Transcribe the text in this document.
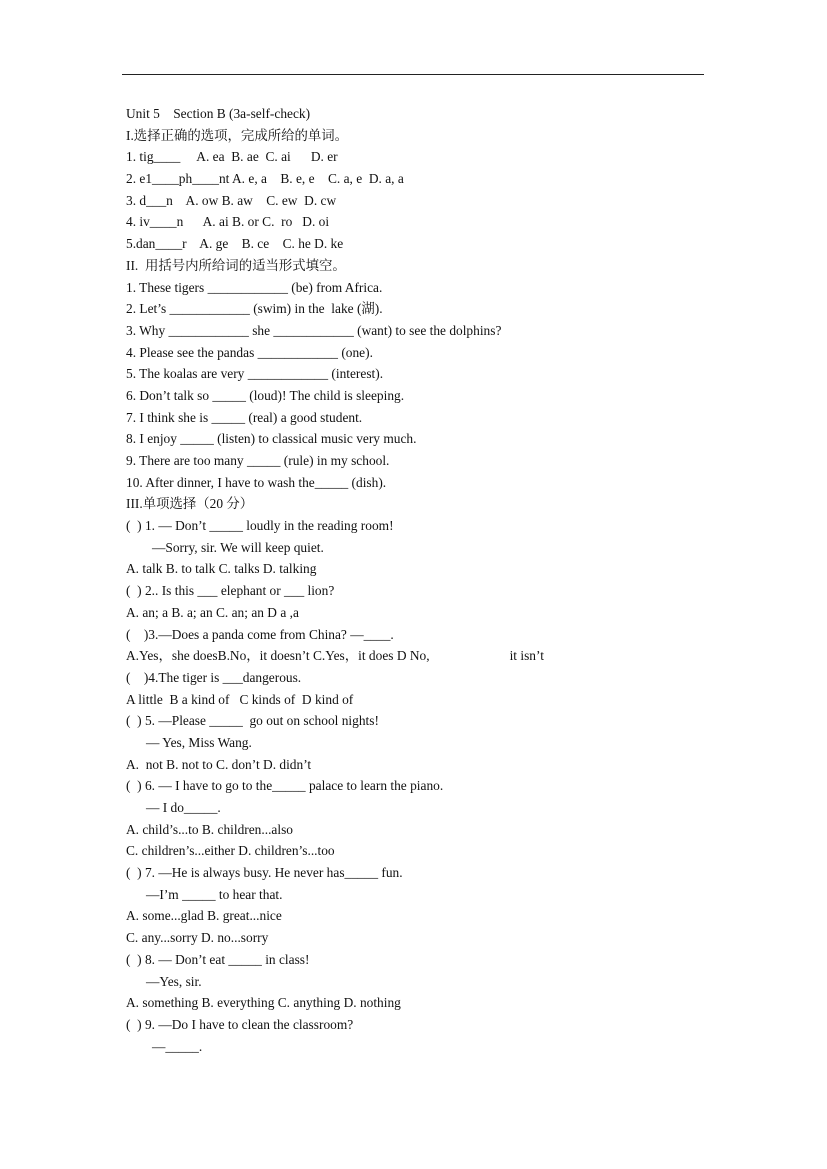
Unit 5    Section B (3a-self-check)
I.选择正确的选项，完成所给的单词。
1. tig____     A. ea  B. ae  C. ai      D. er
2. e1____ph____nt A. e, a    B. e, e    C. a, e  D. a, a
3. d___n    A. ow B. aw    C. ew  D. cw
4. iv____n      A. ai B. or C.  ro   D. oi
5.dan____r    A. ge    B. ce    C. he D. ke
II.  用括号内所给词的适当形式填空。
1. These tigers ____________ (be) from Africa.
2. Let’s ____________ (swim) in the  lake (湖).
3. Why ____________ she ____________ (want) to see the dolphins?
4. Please see the pandas ____________ (one).
5. The koalas are very ____________ (interest).
6. Don’t talk so _____ (loud)! The child is sleeping.
7. I think she is _____ (real) a good student.
8. I enjoy _____ (listen) to classical music very much.
9. There are too many _____ (rule) in my school.
10. After dinner, I have to wash the_____ (dish).
III.单项选择（20 分）
(  ) 1. — Don’t _____ loudly in the reading room!
—Sorry, sir. We will keep quiet.
A. talk B. to talk C. talks D. talking
(  ) 2.. Is this ___ elephant or ___ lion?
A. an; a B. a; an C. an; an D a ,a
(    )3.—Does a panda come from China? —____.
A.Yes，she doesB.No，it doesn’t C.Yes，it does D No,	it isn’t
(    )4.The tiger is ___dangerous.
A little  B a kind of   C kinds of  D kind of
(  ) 5. —Please _____  go out on school nights!
— Yes, Miss Wang.
A.  not B. not to C. don’t D. didn’t
(  ) 6. — I have to go to the_____ palace to learn the piano.
— I do_____.
A. child’s...to B. children...also
C. children’s...either D. children’s...too
(  ) 7. —He is always busy. He never has_____ fun.
—I’m _____ to hear that.
A. some...glad B. great...nice
C. any...sorry D. no...sorry
(  ) 8. — Don’t eat _____ in class!
—Yes, sir.
A. something B. everything C. anything D. nothing
(  ) 9. —Do I have to clean the classroom?
—_____.
